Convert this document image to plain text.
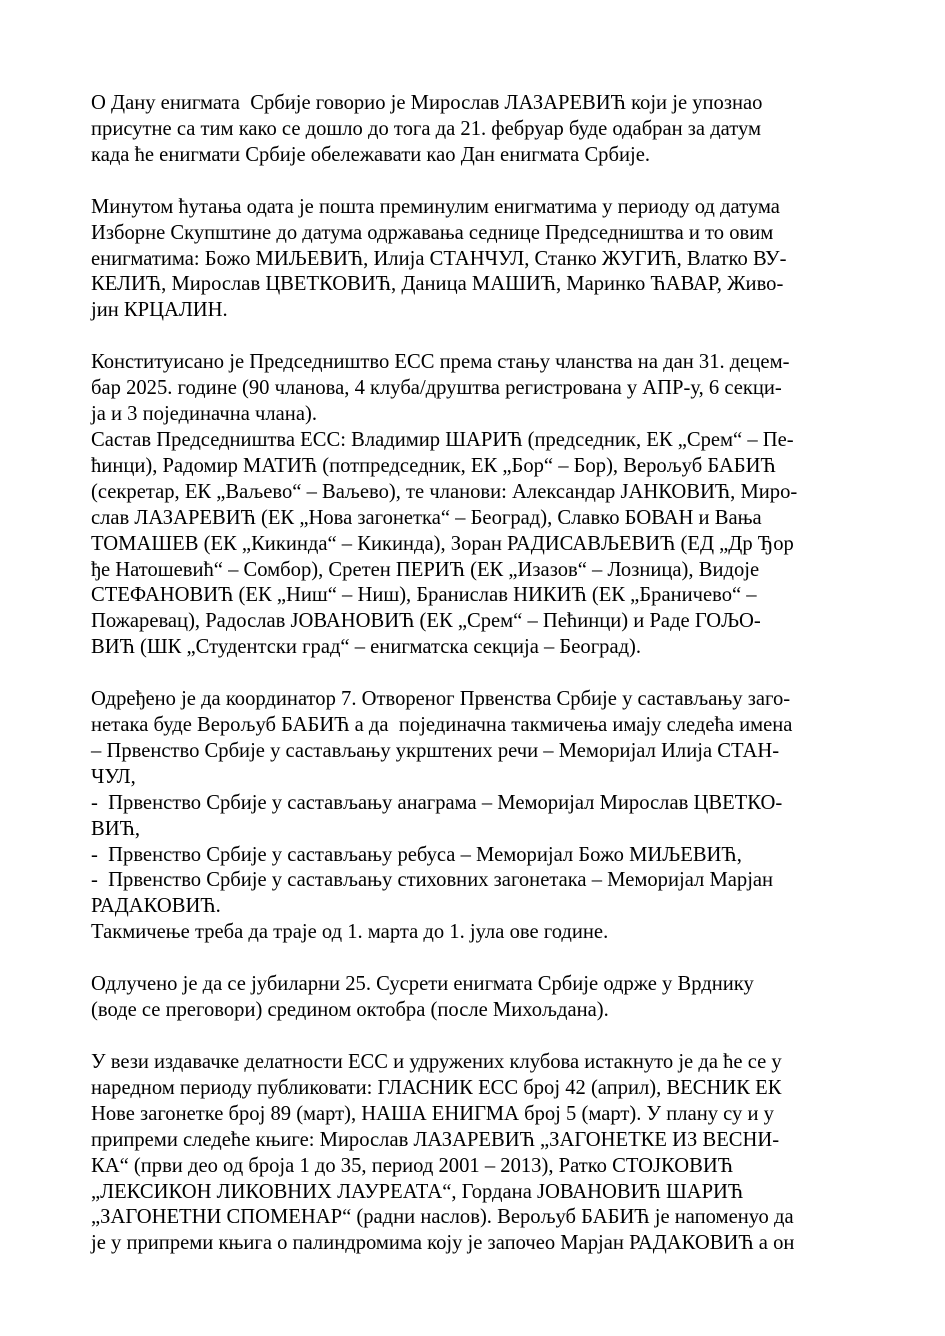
О Дану енигмата  Србије говорио је Мирослав ЛАЗАРЕВИЋ који је упознао
присутне са тим како се дошло до тога да 21. фебруар буде одабран за датум
када ће енигмати Србије обележавати као Дан енигмата Србије.

Минутом ћутања одата је пошта преминулим енигматима у периоду од датума
Изборне Скупштине до датума одржавања седнице Председништва и то овим
енигматима: Божо МИЉЕВИЋ, Илија СТАНЧУЛ, Станко ЖУГИЋ, Влатко ВУ-
КЕЛИЋ, Мирослав ЦВЕТКОВИЋ, Даница МАШИЋ, Маринко ЋАВАР, Живо-
јин КРЦАЛИН.

Конституисано је Председништво ЕСС према стању чланства на дан 31. децем-
бар 2025. године (90 чланова, 4 клуба/друштва регистрована у АПР-у, 6 секци-
ја и 3 појединачна члана).
Састав Председништва ЕСС: Владимир ШАРИЋ (председник, ЕК „Срем“ – Пе-
ћинци), Радомир МАТИЋ (потпредседник, ЕК „Бор“ – Бор), Верољуб БАБИЋ
(секретар, ЕК „Ваљево“ – Ваљево), те чланови: Александар ЈАНКОВИЋ, Миро-
слав ЛАЗАРЕВИЋ (ЕК „Нова загонетка“ – Београд), Славко БОВАН и Вања
ТОМАШЕВ (ЕК „Кикинда“ – Кикинда), Зоран РАДИСАВЉЕВИЋ (ЕД „Др Ђор
ђе Натошевић“ – Сомбор), Сретен ПЕРИЋ (ЕК „Изазов“ – Лозница), Видоје
СТЕФАНОВИЋ (ЕК „Ниш“ – Ниш), Бранислав НИКИЋ (ЕК „Браничево“ –
Пожаревац), Радослав ЈОВАНОВИЋ (ЕК „Срем“ – Пећинци) и Раде ГОЉО-
ВИЋ (ШК „Студентски град“ – енигматска секција – Београд).

Одређено је да координатор 7. Отвореног Првенства Србије у састављању заго-
нетака буде Верољуб БАБИЋ а да  појединачна такмичења имају следећа имена
– Првенство Србије у састављању укрштених речи – Меморијал Илија СТАН-
ЧУЛ,
-  Првенство Србије у састављању анаграма – Меморијал Мирослав ЦВЕТКО-
ВИЋ,
-  Првенство Србије у састављању ребуса – Меморијал Божо МИЉЕВИЋ,
-  Првенство Србије у састављању стиховних загонетака – Меморијал Марјан
РАДАКОВИЋ.
Такмичење треба да траје од 1. марта до 1. јула ове године.

Одлучено је да се јубиларни 25. Сусрети енигмата Србије одрже у Врднику
(воде се преговори) средином октобра (после Михољдана).

У вези издавачке делатности ЕСС и удружених клубова истакнуто је да ће се у
наредном периоду публиковати: ГЛАСНИК ЕСС број 42 (април), ВЕСНИК ЕК
Нове загонетке број 89 (март), НАША ЕНИГМА број 5 (март). У плану су и у
припреми следеће књиге: Мирослав ЛАЗАРЕВИЋ „ЗАГОНЕТКЕ ИЗ ВЕСНИ-
КА“ (први део од броја 1 до 35, период 2001 – 2013), Ратко СТОЈКОВИЋ
„ЛЕКСИКОН ЛИКОВНИХ ЛАУРЕАТА“, Гордана ЈОВАНОВИЋ ШАРИЋ
„ЗАГОНЕТНИ СПОМЕНАР“ (радни наслов). Верољуб БАБИЋ је напоменуо да
је у припреми књига о палиндромима коју је започео Марјан РАДАКОВИЋ а он
